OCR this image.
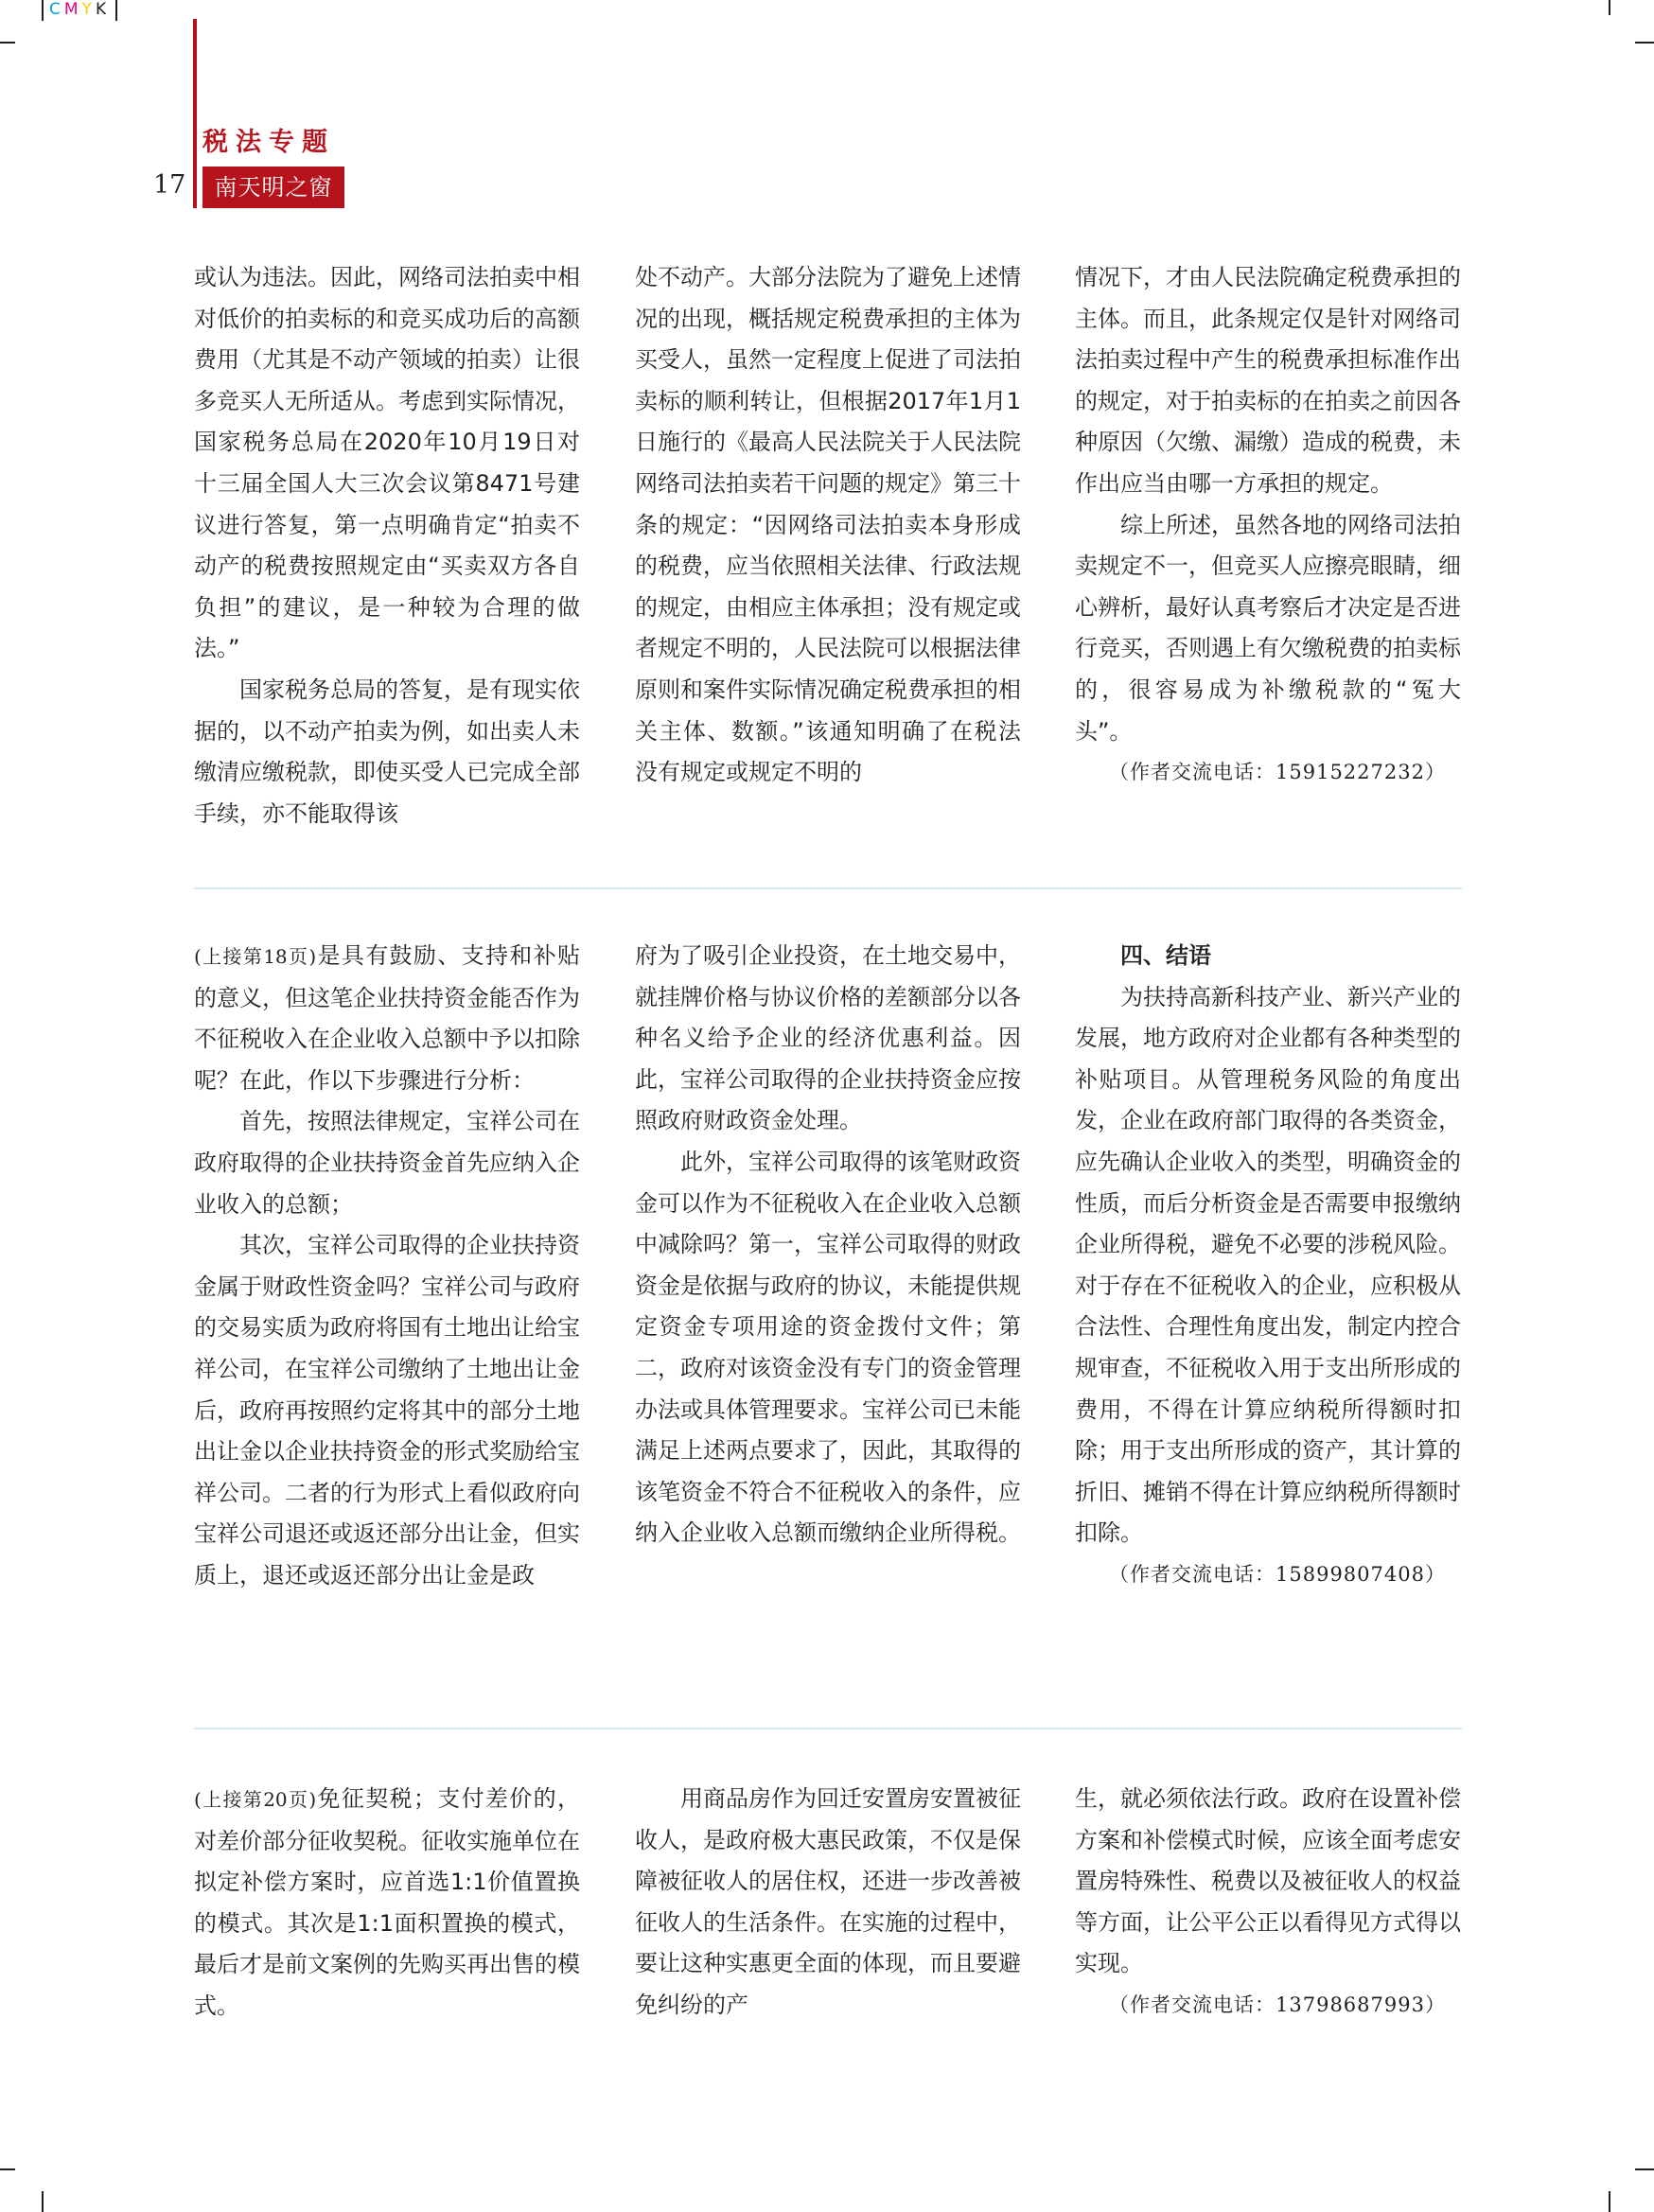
CMYK
税法专题
17	南天明之窗

或认为违法。因此，网络司法拍卖中相对低价的拍卖标的和竞买成功后的高额费用（尤其是不动产领域的拍卖）让很多竞买人无所适从。考虑到实际情况，国家税务总局在2020年10月19日对十三届全国人大三次会议第8471号建议进行答复，第一点明确肯定“拍卖不动产的税费按照规定由“买卖双方各自负担”的建议，是一种较为合理的做法。”

国家税务总局的答复，是有现实依据的，以不动产拍卖为例，如出卖人未缴清应缴税款，即使买受人已完成全部手续，亦不能取得该

处不动产。大部分法院为了避免上述情况的出现，概括规定税费承担的主体为买受人，虽然一定程度上促进了司法拍卖标的顺利转让，但根据2017年1月1日施行的《最高人民法院关于人民法院网络司法拍卖若干问题的规定》第三十条的规定：“因网络司法拍卖本身形成的税费，应当依照相关法律、行政法规的规定，由相应主体承担；没有规定或者规定不明的，人民法院可以根据法律原则和案件实际情况确定税费承担的相关主体、数额。”该通知明确了在税法没有规定或规定不明的

情况下，才由人民法院确定税费承担的主体。而且，此条规定仅是针对网络司法拍卖过程中产生的税费承担标准作出的规定，对于拍卖标的在拍卖之前因各种原因（欠缴、漏缴）造成的税费，未作出应当由哪一方承担的规定。

综上所述，虽然各地的网络司法拍卖规定不一，但竞买人应擦亮眼睛，细心辨析，最好认真考察后才决定是否进行竞买，否则遇上有欠缴税费的拍卖标的，很容易成为补缴税款的“冤大头”。

（作者交流电话：15915227232）

(上接第18页)是具有鼓励、支持和补贴的意义，但这笔企业扶持资金能否作为不征税收入在企业收入总额中予以扣除呢？在此，作以下步骤进行分析：

首先，按照法律规定，宝祥公司在政府取得的企业扶持资金首先应纳入企业收入的总额；

其次，宝祥公司取得的企业扶持资金属于财政性资金吗？宝祥公司与政府的交易实质为政府将国有土地出让给宝祥公司，在宝祥公司缴纳了土地出让金后，政府再按照约定将其中的部分土地出让金以企业扶持资金的形式奖励给宝祥公司。二者的行为形式上看似政府向宝祥公司退还或返还部分出让金，但实质上，退还或返还部分出让金是政

府为了吸引企业投资，在土地交易中，就挂牌价格与协议价格的差额部分以各种名义给予企业的经济优惠利益。因此，宝祥公司取得的企业扶持资金应按照政府财政资金处理。

此外，宝祥公司取得的该笔财政资金可以作为不征税收入在企业收入总额中减除吗？第一，宝祥公司取得的财政资金是依据与政府的协议，未能提供规定资金专项用途的资金拨付文件；第二，政府对该资金没有专门的资金管理办法或具体管理要求。宝祥公司已未能满足上述两点要求了，因此，其取得的该笔资金不符合不征税收入的条件，应纳入企业收入总额而缴纳企业所得税。

四、结语

为扶持高新科技产业、新兴产业的发展，地方政府对企业都有各种类型的补贴项目。从管理税务风险的角度出发，企业在政府部门取得的各类资金，应先确认企业收入的类型，明确资金的性质，而后分析资金是否需要申报缴纳企业所得税，避免不必要的涉税风险。对于存在不征税收入的企业，应积极从合法性、合理性角度出发，制定内控合规审查，不征税收入用于支出所形成的费用，不得在计算应纳税所得额时扣除；用于支出所形成的资产，其计算的折旧、摊销不得在计算应纳税所得额时扣除。

（作者交流电话：15899807408）

(上接第20页)免征契税；支付差价的，对差价部分征收契税。征收实施单位在拟定补偿方案时，应首选1:1价值置换的模式。其次是1:1面积置换的模式，最后才是前文案例的先购买再出售的模式。

用商品房作为回迁安置房安置被征收人，是政府极大惠民政策，不仅是保障被征收人的居住权，还进一步改善被征收人的生活条件。在实施的过程中，要让这种实惠更全面的体现，而且要避免纠纷的产

生，就必须依法行政。政府在设置补偿方案和补偿模式时候，应该全面考虑安置房特殊性、税费以及被征收人的权益等方面，让公平公正以看得见方式得以实现。

（作者交流电话：13798687993）
